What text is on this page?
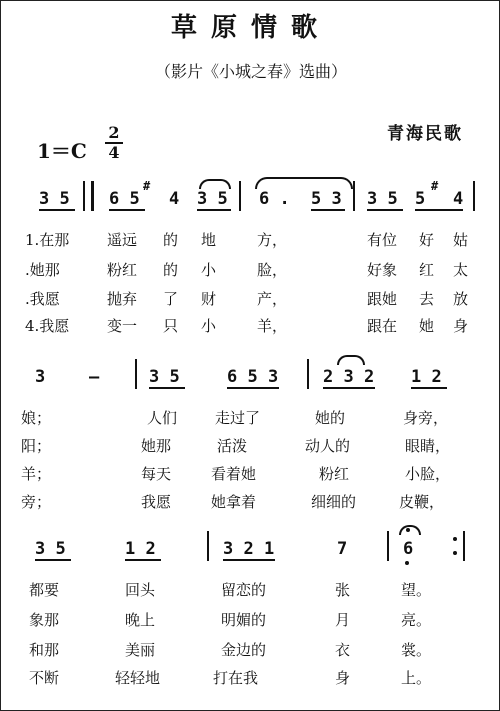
草原情歌
（影片《小城之春》选曲）
青海民歌
1＝C
2
4
3 5 6 5
#
4 3 5 6 . 5 3 3 5 5
#
4
1.在那	遥远 的 地	方，	有位 好 姑
.她那	粉红 的 小	脸，	好象 红 太
.我愿	抛弃 了 财	产，	跟她 去 放
4.我愿	变一 只 小	羊，	跟在 她 身
3	—	3 5	6 5 3	2 3 2 1 2
娘；	人们	走过了	她的	身旁，
阳；	她那	活泼	动人的	眼睛，
羊；	每天	看着她	粉红	小脸，
旁；	我愿	她拿着	细细的	皮鞭，
3 5	1 2	3 2 1	7	6
都要	回头	留恋的	张	望。
象那	晚上	明媚的	月	亮。
和那	美丽	金边的	衣	裳。
不断	轻轻地	打在我	身	上。
